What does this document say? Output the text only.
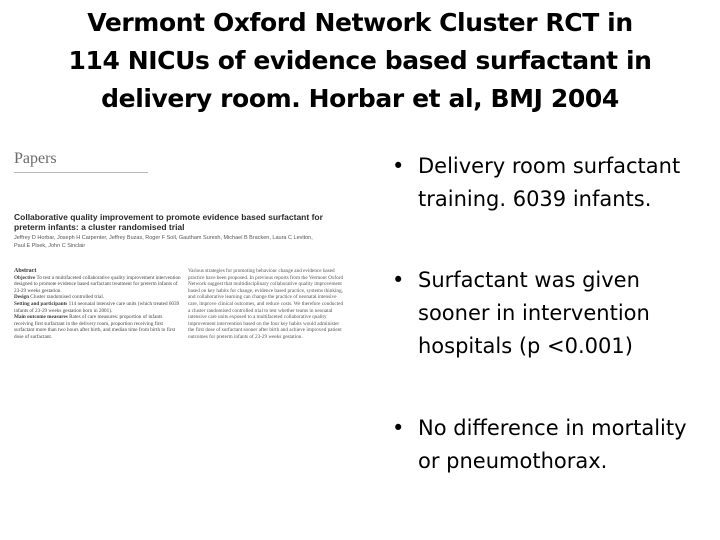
Vermont Oxford Network Cluster RCT in
114 NICUs of evidence based surfactant in
delivery room. Horbar et al, BMJ 2004
Papers
Collaborative quality improvement to promote evidence based surfactant for preterm infants: a cluster randomised trial
Jeffrey D Horbar, Joseph H Carpenter, Jeffrey Buzas, Roger F Soll, Gautham Suresh, Michael B Bracken, Laura C Leviton, Paul E Plsek, John C Sinclair
Abstract
Objective To test a multifaceted collaborative quality improvement intervention designed to promote evidence based surfactant treatment for preterm infants of 23-29 weeks gestation.
Design Cluster randomised controlled trial.
Setting and participants 114 neonatal intensive care units (which treated 6039 infants of 23-29 weeks gestation born in 2001).
Main outcome measures Rates of care measures: proportion of infants receiving first surfactant in the delivery room, proportion receiving first surfactant more than two hours after birth, and median time from birth to first dose of surfactant.
Various strategies for promoting behaviour change and evidence based practice have been proposed. In previous reports from the Vermont Oxford Network suggest that multidisciplinary collaborative quality improvement based on key habits for change, evidence based practice, systems thinking, and collaborative learning can change the practice of neonatal intensive care, improve clinical outcomes, and reduce costs. We therefore conducted a cluster randomised controlled trial to test whether teams in neonatal intensive care units exposed to a multifaceted collaborative quality improvement intervention based on the four key habits would administer the first dose of surfactant sooner after birth and achieve improved patient outcomes for preterm infants of 23-29 weeks gestation.
• Delivery room surfactant training. 6039 infants.
• Surfactant was given sooner in intervention hospitals (p <0.001)
• No difference in mortality or pneumothorax.
